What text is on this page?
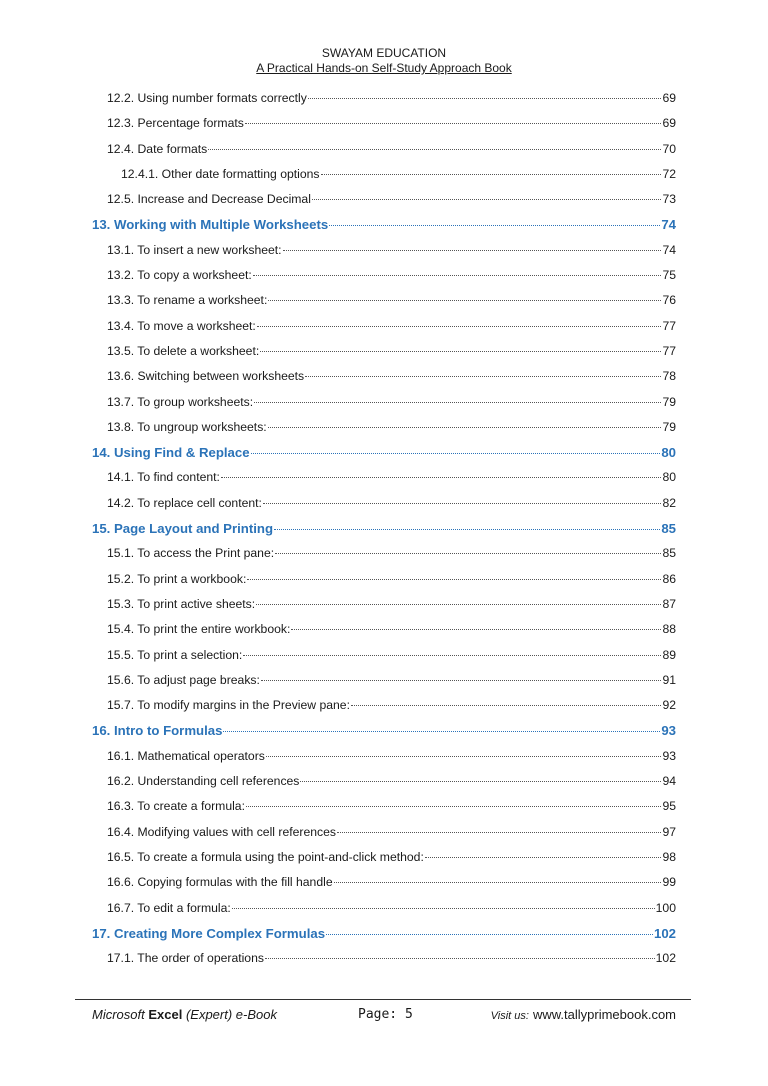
SWAYAM EDUCATION
A Practical Hands-on Self-Study Approach Book
12.2. Using number formats correctly	69
12.3. Percentage formats	69
12.4. Date formats	70
12.4.1. Other date formatting options	72
12.5. Increase and Decrease Decimal	73
13. Working with Multiple Worksheets	74
13.1. To insert a new worksheet:	74
13.2. To copy a worksheet:	75
13.3. To rename a worksheet:	76
13.4. To move a worksheet:	77
13.5. To delete a worksheet:	77
13.6. Switching between worksheets	78
13.7. To group worksheets:	79
13.8. To ungroup worksheets:	79
14. Using Find & Replace	80
14.1. To find content:	80
14.2. To replace cell content:	82
15. Page Layout and Printing	85
15.1. To access the Print pane:	85
15.2. To print a workbook:	86
15.3. To print active sheets:	87
15.4. To print the entire workbook:	88
15.5. To print a selection:	89
15.6. To adjust page breaks:	91
15.7. To modify margins in the Preview pane:	92
16. Intro to Formulas	93
16.1. Mathematical operators	93
16.2. Understanding cell references	94
16.3. To create a formula:	95
16.4. Modifying values with cell references	97
16.5. To create a formula using the point-and-click method:	98
16.6. Copying formulas with the fill handle	99
16.7. To edit a formula:	100
17. Creating More Complex Formulas	102
17.1. The order of operations	102
Microsoft Excel (Expert) e-Book	Page: 5	Visit us: www.tallyprimebook.com
